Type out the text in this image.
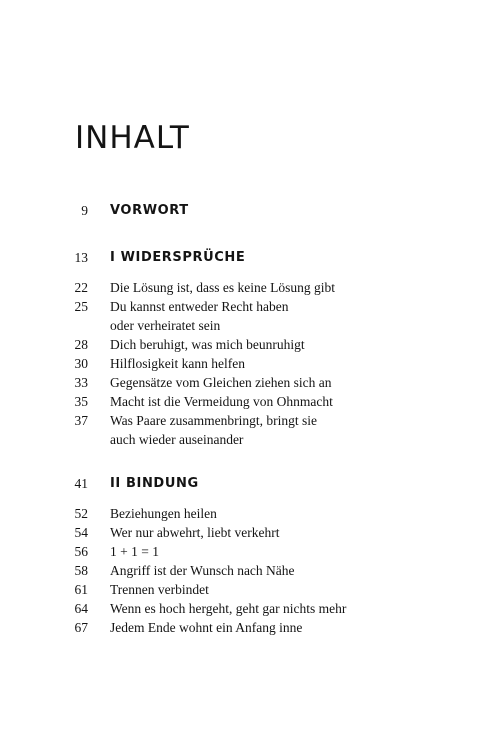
INHALT
9 VORWORT
13 I WIDERSPRÜCHE
22 Die Lösung ist, dass es keine Lösung gibt
25 Du kannst entweder Recht haben
oder verheiratet sein
28 Dich beruhigt, was mich beunruhigt
30 Hilflosigkeit kann helfen
33 Gegensätze vom Gleichen ziehen sich an
35 Macht ist die Vermeidung von Ohnmacht
37 Was Paare zusammenbringt, bringt sie
auch wieder auseinander
41 II BINDUNG
52 Beziehungen heilen
54 Wer nur abwehrt, liebt verkehrt
56 1 + 1 = 1
58 Angriff ist der Wunsch nach Nähe
61 Trennen verbindet
64 Wenn es hoch hergeht, geht gar nichts mehr
67 Jedem Ende wohnt ein Anfang inne
